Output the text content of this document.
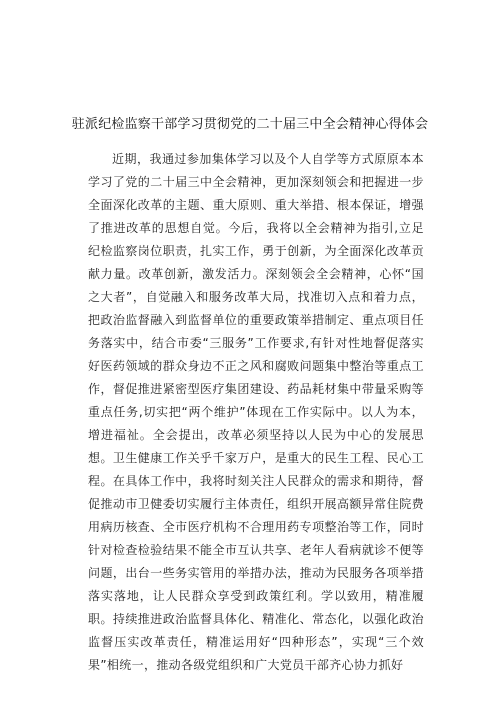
驻派纪检监察干部学习贯彻党的二十届三中全会精神心得体会

近期，我通过参加集体学习以及个人自学等方式原原本本学习了党的二十届三中全会精神，更加深刻领会和把握进一步全面深化改革的主题、重大原则、重大举措、根本保证，增强了推进改革的思想自觉。今后，我将以全会精神为指引,立足纪检监察岗位职责，扎实工作，勇于创新，为全面深化改革贡献力量。改革创新，激发活力。深刻领会全会精神，心怀“国之大者”，自觉融入和服务改革大局，找准切入点和着力点，把政治监督融入到监督单位的重要政策举措制定、重点项目任务落实中，结合市委“三服务”工作要求,有针对性地督促落实好医药领域的群众身边不正之风和腐败问题集中整治等重点工作，督促推进紧密型医疗集团建设、药品耗材集中带量采购等重点任务,切实把“两个维护”体现在工作实际中。以人为本，增进福祉。全会提出，改革必须坚持以人民为中心的发展思想。卫生健康工作关乎千家万户，是重大的民生工程、民心工程。在具体工作中，我将时刻关注人民群众的需求和期待，督促推动市卫健委切实履行主体责任，组织开展高额异常住院费用病历核查、全市医疗机构不合理用药专项整治等工作，同时针对检查检验结果不能全市互认共享、老年人看病就诊不便等问题，出台一些务实管用的举措办法，推动为民服务各项举措落实落地，让人民群众享受到政策红利。学以致用，精准履职。持续推进政治监督具体化、精准化、常态化，以强化政治监督压实改革责任，精准运用好“四种形态”，实现“三个效果”相统一，推动各级党组织和广大党员干部齐心协力抓好
